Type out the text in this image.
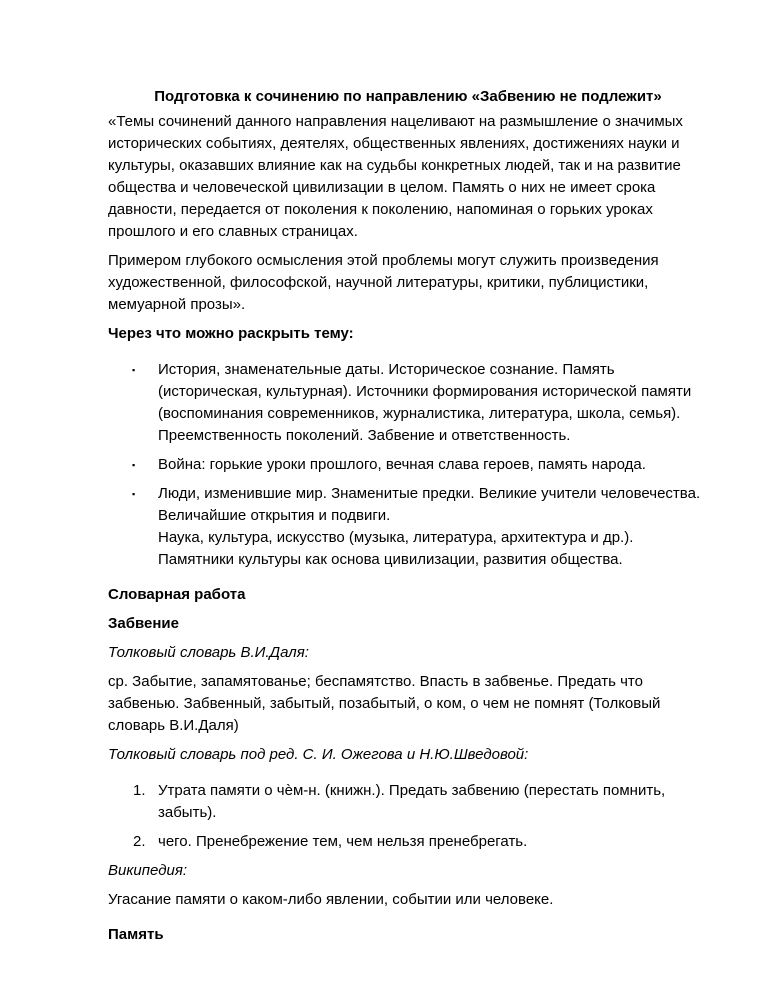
Подготовка к сочинению по направлению «Забвению не подлежит»

«Темы сочинений данного направления нацеливают на размышление о значимых исторических событиях, деятелях, общественных явлениях, достижениях науки и культуры, оказавших влияние как на судьбы конкретных людей, так и на развитие общества и человеческой цивилизации в целом. Память о них не имеет срока давности, передается от поколения к поколению, напоминая о горьких уроках прошлого и его славных страницах.

Примером глубокого осмысления этой проблемы могут служить произведения художественной, философской, научной литературы, критики, публицистики, мемуарной прозы».

Через что можно раскрыть тему:

▪ История, знаменательные даты. Историческое сознание. Память (историческая, культурная). Источники формирования исторической памяти (воспоминания современников, журналистика, литература, школа, семья). Преемственность поколений. Забвение и ответственность.
▪ Война: горькие уроки прошлого, вечная слава героев, память народа.
▪ Люди, изменившие мир. Знаменитые предки. Великие учители человечества. Величайшие открытия и подвиги.
Наука, культура, искусство (музыка, литература, архитектура и др.). Памятники культуры как основа цивилизации, развития общества.

Словарная работа

Забвение

Толковый словарь В.И.Даля:

ср. Забытие, запамятованье; беспамятство. Впасть в забвенье. Предать что забвенью. Забвенный, забытый, позабытый, о ком, о чем не помнят (Толковый словарь В.И.Даля)

Толковый словарь под ред. С. И. Ожегова и Н.Ю.Шведовой:

1. Утрата памяти о чѐм-н. (книжн.). Предать забвению (перестать помнить, забыть).
2. чего. Пренебрежение тем, чем нельзя пренебрегать.

Википедия:

Угасание памяти о каком-либо явлении, событии или человеке.

Память
